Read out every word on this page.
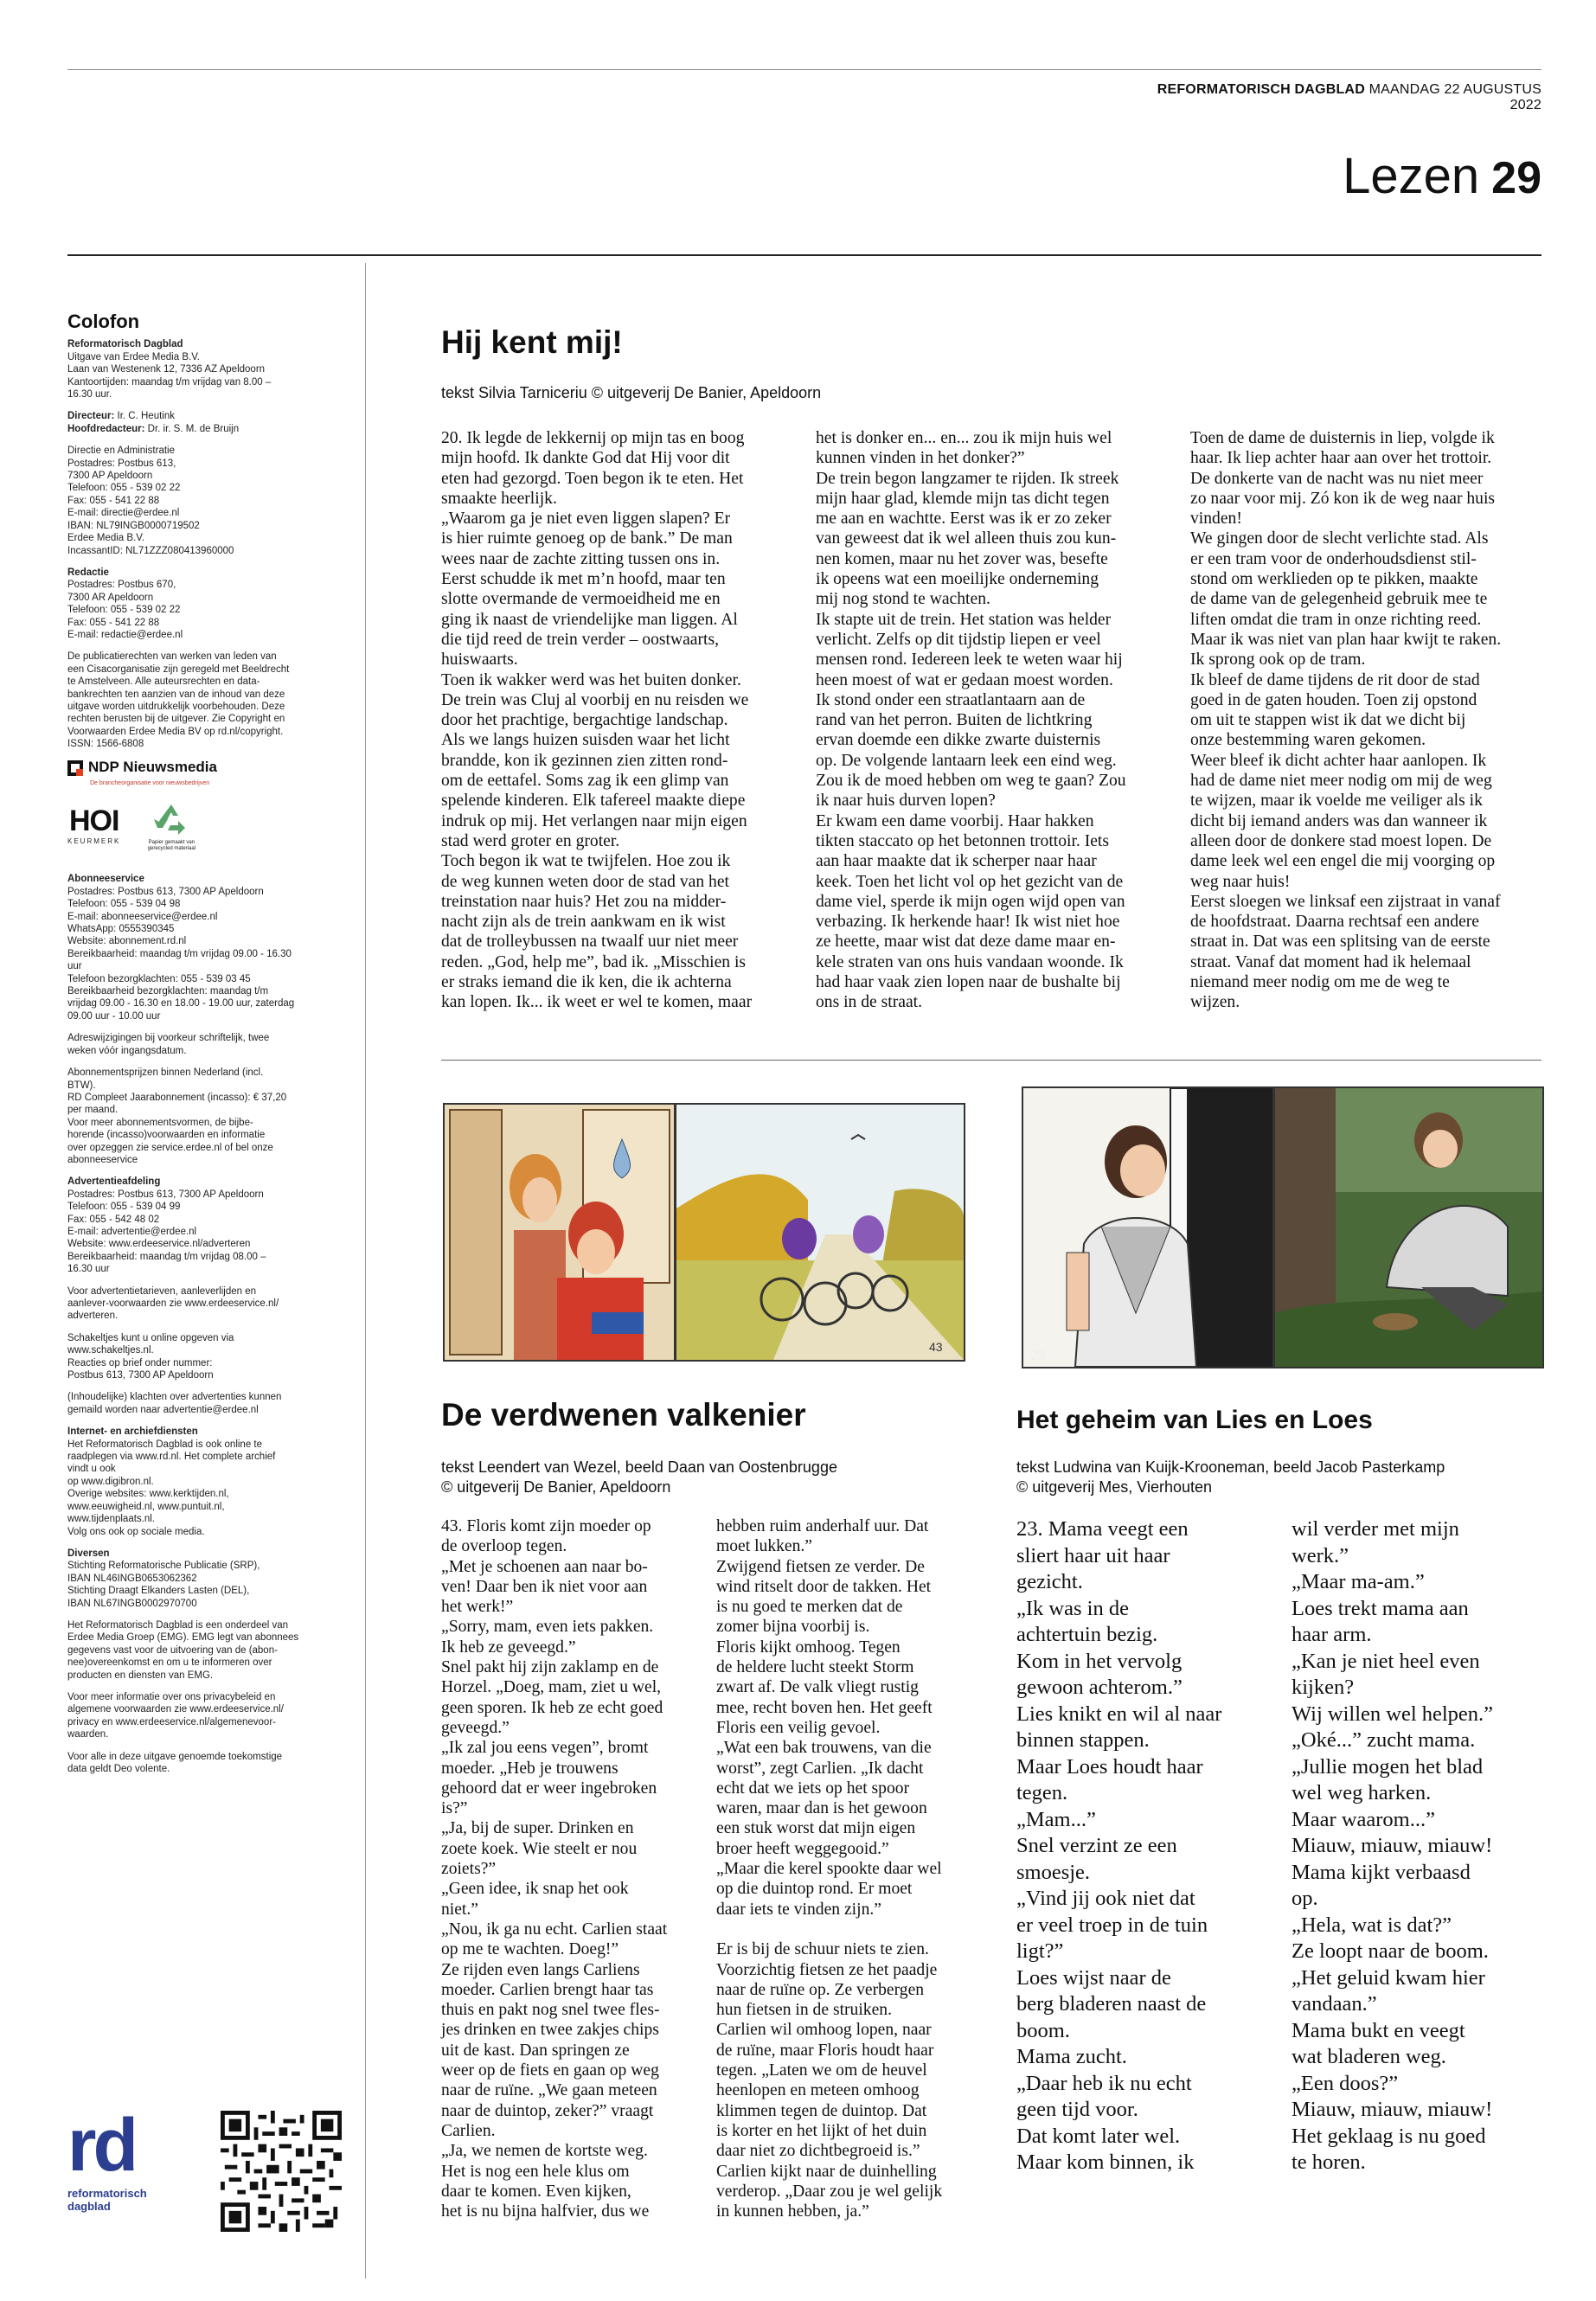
REFORMATORISCH DAGBLAD MAANDAG 22 AUGUSTUS 2022
Lezen 29
Colofon
Reformatorisch Dagblad
Uitgave van Erdee Media B.V.
Laan van Westenenk 12, 7336 AZ Apeldoorn
Kantoortijden: maandag t/m vrijdag van 8.00 –
16.30 uur.
Directeur: Ir. C. Heutink
Hoofdredacteur: Dr. ir. S. M. de Bruijn
Directie en Administratie
Postadres: Postbus 613,
7300 AP Apeldoorn
Telefoon: 055 - 539 02 22
Fax: 055 - 541 22 88
E-mail: directie@erdee.nl
IBAN: NL79INGB0000719502
Erdee Media B.V.
IncassantID: NL71ZZZ080413960000
Redactie
Postadres: Postbus 670,
7300 AR Apeldoorn
Telefoon: 055 - 539 02 22
Fax: 055 - 541 22 88
E-mail: redactie@erdee.nl
De publicatierechten van werken van leden van
een Cisacorganisatie zijn geregeld met Beeldrecht
te Amstelveen. Alle auteursrechten en data-
bankrechten ten aanzien van de inhoud van deze
uitgave worden uitdrukkelijk voorbehouden. Deze
rechten berusten bij de uitgever. Zie Copyright en
Voorwaarden Erdee Media BV op rd.nl/copyright.
ISSN: 1566-6808
NDP Nieuwsmedia
De brancheorganisatie voor nieuwsbedrijven
HOI
KEURMERK	Papier gemaakt van gerecycled materiaal
Abonneeservice
Postadres: Postbus 613, 7300 AP Apeldoorn
Telefoon: 055 - 539 04 98
E-mail: abonneeservice@erdee.nl
WhatsApp: 0555390345
Website: abonnement.rd.nl
Bereikbaarheid: maandag t/m vrijdag 09.00 - 16.30
uur
Telefoon bezorgklachten: 055 - 539 03 45
Bereikbaarheid bezorgklachten: maandag t/m
vrijdag 09.00 - 16.30 en 18.00 - 19.00 uur, zaterdag
09.00 uur - 10.00 uur
Adreswijzigingen bij voorkeur schriftelijk, twee
weken vóór ingangsdatum.
Abonnementsprijzen binnen Nederland (incl.
BTW).
RD Compleet Jaarabonnement (incasso): € 37,20
per maand.
Voor meer abonnementsvormen, de bijbe-
horende (incasso)voorwaarden en informatie
over opzeggen zie service.erdee.nl of bel onze
abonneeservice
Advertentieafdeling
Postadres: Postbus 613, 7300 AP Apeldoorn
Telefoon: 055 - 539 04 99
Fax: 055 - 542 48 02
E-mail: advertentie@erdee.nl
Website: www.erdeeservice.nl/adverteren
Bereikbaarheid: maandag t/m vrijdag 08.00 –
16.30 uur
Voor advertentietarieven, aanleverlijden en
aanlever-voorwaarden zie www.erdeeservice.nl/
adverteren.
Schakeltjes kunt u online opgeven via
www.schakeltjes.nl.
Reacties op brief onder nummer:
Postbus 613, 7300 AP Apeldoorn
(Inhoudelijke) klachten over advertenties kunnen
gemaild worden naar advertentie@erdee.nl
Internet- en archiefdiensten
Het Reformatorisch Dagblad is ook online te
raadplegen via www.rd.nl. Het complete archief
vindt u ook
op www.digibron.nl.
Overige websites: www.kerktijden.nl,
www.eeuwigheid.nl, www.puntuit.nl,
www.tijdenplaats.nl.
Volg ons ook op sociale media.
Diversen
Stichting Reformatorische Publicatie (SRP),
IBAN NL46INGB0653062362
Stichting Draagt Elkanders Lasten (DEL),
IBAN NL67INGB0002970700
Het Reformatorisch Dagblad is een onderdeel van
Erdee Media Groep (EMG). EMG legt van abonnees
gegevens vast voor de uitvoering van de (abon-
nee)overeenkomst en om u te informeren over
producten en diensten van EMG.
Voor meer informatie over ons privacybeleid en
algemene voorwaarden zie www.erdeeservice.nl/
privacy en www.erdeeservice.nl/algemenevoor-
waarden.
Voor alle in deze uitgave genoemde toekomstige
data geldt Deo volente.
rd
reformatorisch
dagblad
Hij kent mij!
tekst Silvia Tarniceriu © uitgeverij De Banier, Apeldoorn
20. Ik legde de lekkernij op mijn tas en boog
mijn hoofd. Ik dankte God dat Hij voor dit
eten had gezorgd. Toen begon ik te eten. Het
smaakte heerlijk.
„Waarom ga je niet even liggen slapen? Er
is hier ruimte genoeg op de bank.” De man
wees naar de zachte zitting tussen ons in.
Eerst schudde ik met m’n hoofd, maar ten
slotte overmande de vermoeidheid me en
ging ik naast de vriendelijke man liggen. Al
die tijd reed de trein verder – oostwaarts,
huiswaarts.
Toen ik wakker werd was het buiten donker.
De trein was Cluj al voorbij en nu reisden we
door het prachtige, bergachtige landschap.
Als we langs huizen suisden waar het licht
brandde, kon ik gezinnen zien zitten rond-
om de eettafel. Soms zag ik een glimp van
spelende kinderen. Elk tafereel maakte diepe
indruk op mij. Het verlangen naar mijn eigen
stad werd groter en groter.
Toch begon ik wat te twijfelen. Hoe zou ik
de weg kunnen weten door de stad van het
treinstation naar huis? Het zou na midder-
nacht zijn als de trein aankwam en ik wist
dat de trolleybussen na twaalf uur niet meer
reden. „God, help me”, bad ik. „Misschien is
er straks iemand die ik ken, die ik achterna
kan lopen. Ik... ik weet er wel te komen, maar
het is donker en... en... zou ik mijn huis wel
kunnen vinden in het donker?”
De trein begon langzamer te rijden. Ik streek
mijn haar glad, klemde mijn tas dicht tegen
me aan en wachtte. Eerst was ik er zo zeker
van geweest dat ik wel alleen thuis zou kun-
nen komen, maar nu het zover was, besefte
ik opeens wat een moeilijke onderneming
mij nog stond te wachten.
Ik stapte uit de trein. Het station was helder
verlicht. Zelfs op dit tijdstip liepen er veel
mensen rond. Iedereen leek te weten waar hij
heen moest of wat er gedaan moest worden.
Ik stond onder een straatlantaarn aan de
rand van het perron. Buiten de lichtkring
ervan doemde een dikke zwarte duisternis
op. De volgende lantaarn leek een eind weg.
Zou ik de moed hebben om weg te gaan? Zou
ik naar huis durven lopen?
Er kwam een dame voorbij. Haar hakken
tikten staccato op het betonnen trottoir. Iets
aan haar maakte dat ik scherper naar haar
keek. Toen het licht vol op het gezicht van de
dame viel, sperde ik mijn ogen wijd open van
verbazing. Ik herkende haar! Ik wist niet hoe
ze heette, maar wist dat deze dame maar en-
kele straten van ons huis vandaan woonde. Ik
had haar vaak zien lopen naar de bushalte bij
ons in de straat.
Toen de dame de duisternis in liep, volgde ik
haar. Ik liep achter haar aan over het trottoir.
De donkerte van de nacht was nu niet meer
zo naar voor mij. Zó kon ik de weg naar huis
vinden!
We gingen door de slecht verlichte stad. Als
er een tram voor de onderhoudsdienst stil-
stond om werklieden op te pikken, maakte
de dame van de gelegenheid gebruik mee te
liften omdat die tram in onze richting reed.
Maar ik was niet van plan haar kwijt te raken.
Ik sprong ook op de tram.
Ik bleef de dame tijdens de rit door de stad
goed in de gaten houden. Toen zij opstond
om uit te stappen wist ik dat we dicht bij
onze bestemming waren gekomen.
Weer bleef ik dicht achter haar aanlopen. Ik
had de dame niet meer nodig om mij de weg
te wijzen, maar ik voelde me veiliger als ik
dicht bij iemand anders was dan wanneer ik
alleen door de donkere stad moest lopen. De
dame leek wel een engel die mij voorging op
weg naar huis!
Eerst sloegen we linksaf een zijstraat in vanaf
de hoofdstraat. Daarna rechtsaf een andere
straat in. Dat was een splitsing van de eerste
straat. Vanaf dat moment had ik helemaal
niemand meer nodig om me de weg te
wijzen.
43
23
De verdwenen valkenier
tekst Leendert van Wezel, beeld Daan van Oostenbrugge
© uitgeverij De Banier, Apeldoorn
43. Floris komt zijn moeder op
de overloop tegen.
„Met je schoenen aan naar bo-
ven! Daar ben ik niet voor aan
het werk!”
„Sorry, mam, even iets pakken.
Ik heb ze geveegd.”
Snel pakt hij zijn zaklamp en de
Horzel. „Doeg, mam, ziet u wel,
geen sporen. Ik heb ze echt goed
geveegd.”
„Ik zal jou eens vegen”, bromt
moeder. „Heb je trouwens
gehoord dat er weer ingebroken
is?”
„Ja, bij de super. Drinken en
zoete koek. Wie steelt er nou
zoiets?”
„Geen idee, ik snap het ook
niet.”
„Nou, ik ga nu echt. Carlien staat
op me te wachten. Doeg!”
Ze rijden even langs Carliens
moeder. Carlien brengt haar tas
thuis en pakt nog snel twee fles-
jes drinken en twee zakjes chips
uit de kast. Dan springen ze
weer op de fiets en gaan op weg
naar de ruïne. „We gaan meteen
naar de duintop, zeker?” vraagt
Carlien.
„Ja, we nemen de kortste weg.
Het is nog een hele klus om
daar te komen. Even kijken,
het is nu bijna halfvier, dus we
hebben ruim anderhalf uur. Dat
moet lukken.”
Zwijgend fietsen ze verder. De
wind ritselt door de takken. Het
is nu goed te merken dat de
zomer bijna voorbij is.
Floris kijkt omhoog. Tegen
de heldere lucht steekt Storm
zwart af. De valk vliegt rustig
mee, recht boven hen. Het geeft
Floris een veilig gevoel.
„Wat een bak trouwens, van die
worst”, zegt Carlien. „Ik dacht
echt dat we iets op het spoor
waren, maar dan is het gewoon
een stuk worst dat mijn eigen
broer heeft weggegooid.”
„Maar die kerel spookte daar wel
op die duintop rond. Er moet
daar iets te vinden zijn.”
Er is bij de schuur niets te zien.
Voorzichtig fietsen ze het paadje
naar de ruïne op. Ze verbergen
hun fietsen in de struiken.
Carlien wil omhoog lopen, naar
de ruïne, maar Floris houdt haar
tegen. „Laten we om de heuvel
heenlopen en meteen omhoog
klimmen tegen de duintop. Dat
is korter en het lijkt of het duin
daar niet zo dichtbegroeid is.”
Carlien kijkt naar de duinhelling
verderop. „Daar zou je wel gelijk
in kunnen hebben, ja.”
Het geheim van Lies en Loes
tekst Ludwina van Kuijk-Krooneman, beeld Jacob Pasterkamp
© uitgeverij Mes, Vierhouten
23. Mama veegt een
sliert haar uit haar
gezicht.
„Ik was in de
achtertuin bezig.
Kom in het vervolg
gewoon achterom.”
Lies knikt en wil al naar
binnen stappen.
Maar Loes houdt haar
tegen.
„Mam...”
Snel verzint ze een
smoesje.
„Vind jij ook niet dat
er veel troep in de tuin
ligt?”
Loes wijst naar de
berg bladeren naast de
boom.
Mama zucht.
„Daar heb ik nu echt
geen tijd voor.
Dat komt later wel.
Maar kom binnen, ik
wil verder met mijn
werk.”
„Maar ma-am.”
Loes trekt mama aan
haar arm.
„Kan je niet heel even
kijken?
Wij willen wel helpen.”
„Oké...” zucht mama.
„Jullie mogen het blad
wel weg harken.
Maar waarom...”
Miauw, miauw, miauw!
Mama kijkt verbaasd
op.
„Hela, wat is dat?”
Ze loopt naar de boom.
„Het geluid kwam hier
vandaan.”
Mama bukt en veegt
wat bladeren weg.
„Een doos?”
Miauw, miauw, miauw!
Het geklaag is nu goed
te horen.
